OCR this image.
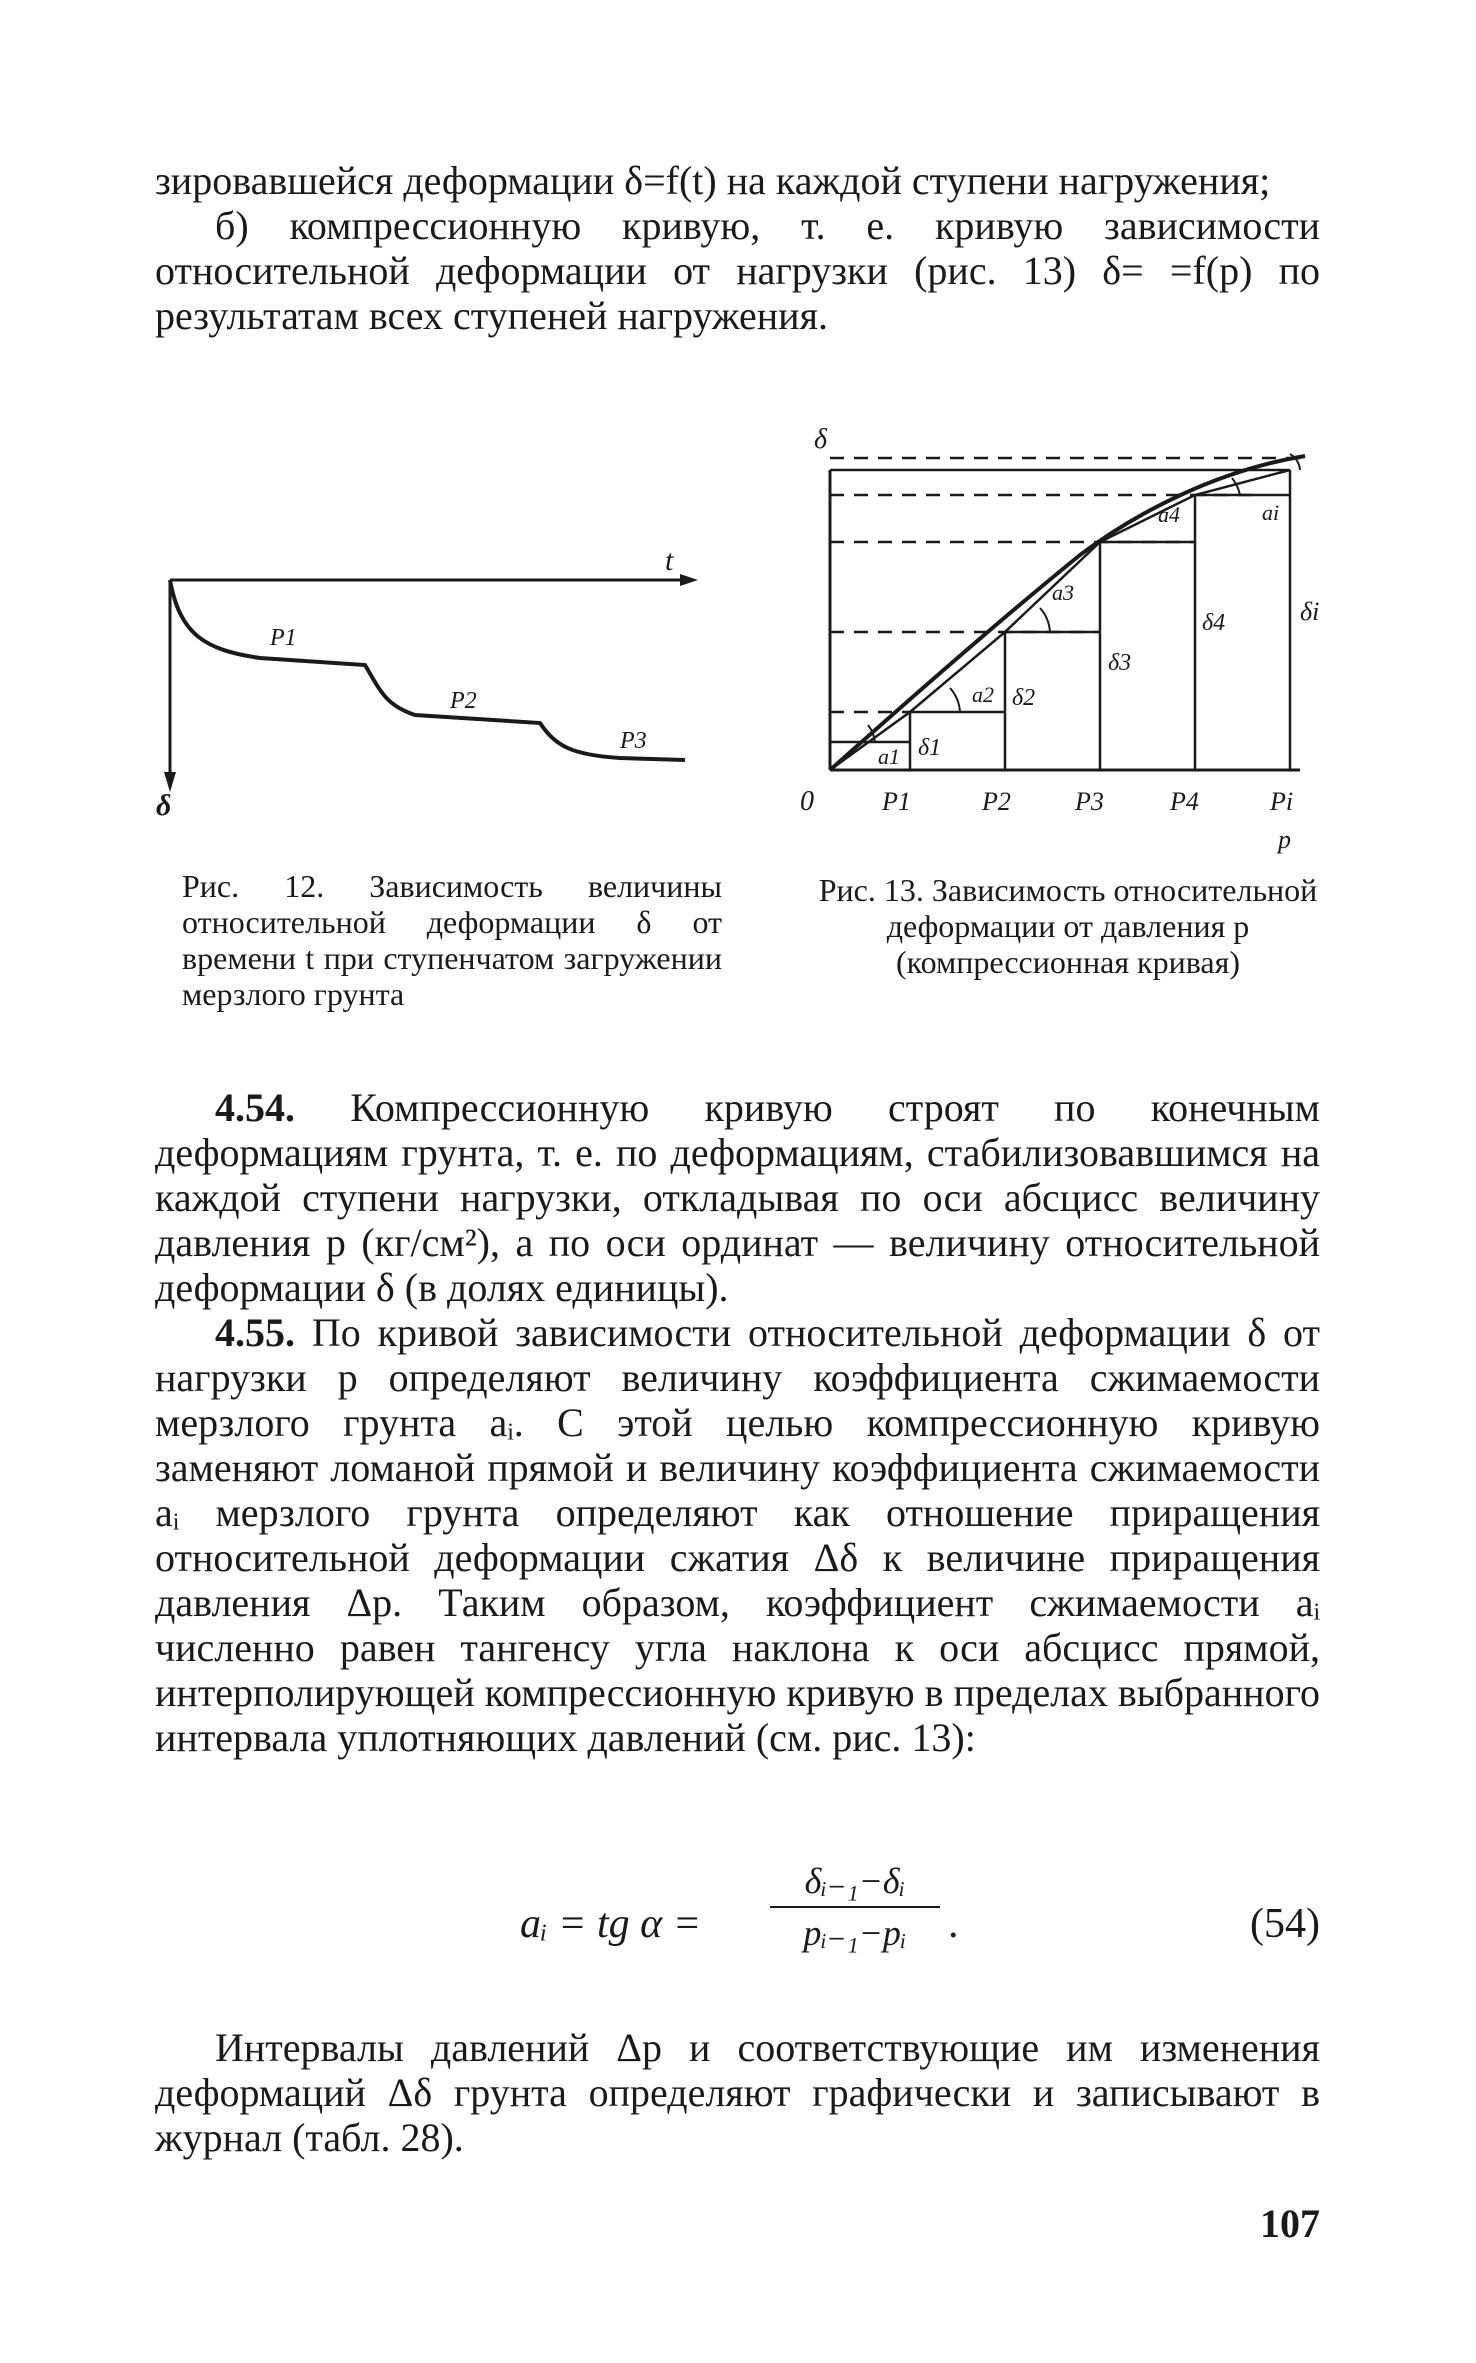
зировавшейся деформации δ=f(t) на каждой ступени нагружения;

б) компрессионную кривую, т. е. кривую зависимости относительной деформации от нагрузки (рис. 13) δ= =f(p) по результатам всех ступеней нагружения.

t
δ
P1
P2
P3
Рис. 12. Зависимость величины относительной деформации δ от времени t при ступенчатом загружении мерзлого грунта
δ
0	P1	P2 P3	P4	Pi
p
δ1
δ2
δ3
δ4	δi
a1
a2
a3
a4	ai
Рис. 13. Зависимость относительной деформации от давления p (компрессионная кривая)

4.54. Компрессионную кривую строят по конечным деформациям грунта, т. е. по деформациям, стабилизовавшимся на каждой ступени нагрузки, откладывая по оси абсцисс величину давления p (кг/см²), а по оси ординат — величину относительной деформации δ (в долях единицы).

4.55. По кривой зависимости относительной деформации δ от нагрузки p определяют величину коэффициента сжимаемости мерзлого грунта aᵢ. С этой целью компрессионную кривую заменяют ломаной прямой и величину коэффициента сжимаемости aᵢ мерзлого грунта определяют как отношение приращения относительной деформации сжатия Δδ к величине приращения давления Δp. Таким образом, коэффициент сжимаемости aᵢ численно равен тангенсу угла наклона к оси абсцисс прямой, интерполирующей компрессионную кривую в пределах выбранного интервала уплотняющих давлений (см. рис. 13):

aᵢ = tg α =
δᵢ₋₁−δᵢ
pᵢ₋₁−pᵢ .	(54)

Интервалы давлений Δp и соответствующие им изменения деформаций Δδ грунта определяют графически и записывают в журнал (табл. 28).

107
